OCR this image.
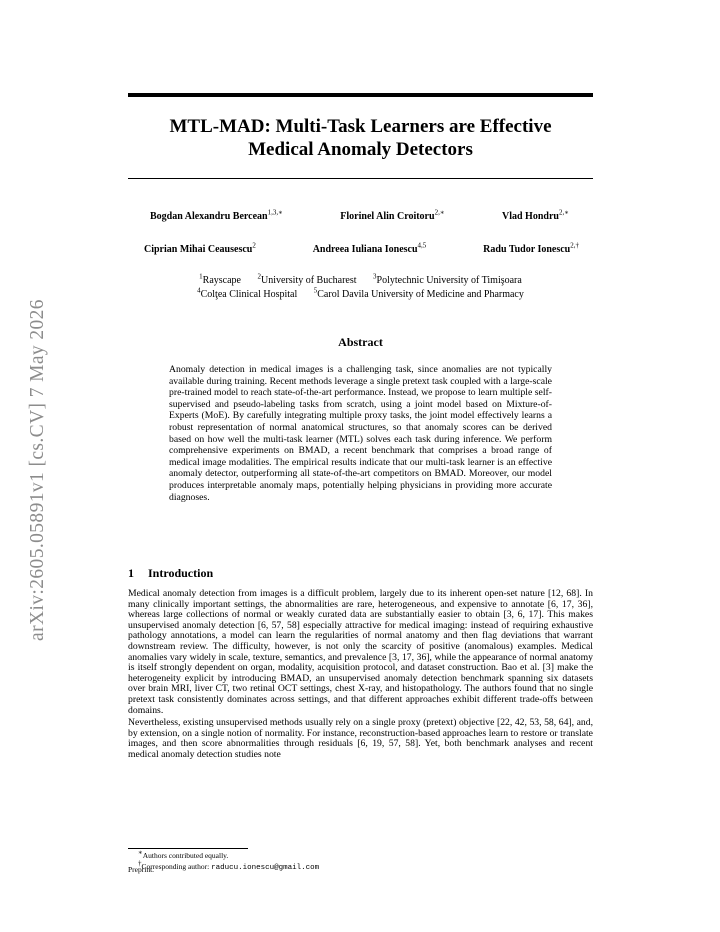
arXiv:2605.05891v1 [cs.CV] 7 May 2026
MTL-MAD: Multi-Task Learners are Effective
Medical Anomaly Detectors
Bogdan Alexandru Bercean$^{1,3,∗}$	Florinel Alin Croitoru$^{2,∗}$	Vlad Hondru$^{2,∗}$
Ciprian Mihai Ceausescu$^2$	Andreea Iuliana Ionescu$^{4,5}$	Radu Tudor Ionescu$^{2,\dagger}$
$^1$Rayscape $^2$University of Bucharest $^3$Polytechnic University of Timişoara
$^4$Colţea Clinical Hospital $^5$Carol Davila University of Medicine and Pharmacy
Abstract
Anomaly detection in medical images is a challenging task, since anomalies are not typically available during training. Recent methods leverage a single pretext task coupled with a large-scale pre-trained model to reach state-of-the-art performance. Instead, we propose to learn multiple self-supervised and pseudo-labeling tasks from scratch, using a joint model based on Mixture-of-Experts (MoE). By carefully integrating multiple proxy tasks, the joint model effectively learns a robust representation of normal anatomical structures, so that anomaly scores can be derived based on how well the multi-task learner (MTL) solves each task during inference. We perform comprehensive experiments on BMAD, a recent benchmark that comprises a broad range of medical image modalities. The empirical results indicate that our multi-task learner is an effective anomaly detector, outperforming all state-of-the-art competitors on BMAD. Moreover, our model produces interpretable anomaly maps, potentially helping physicians in providing more accurate diagnoses.
1 Introduction

Medical anomaly detection from images is a difficult problem, largely due to its inherent open-set nature [12, 68]. In many clinically important settings, the abnormalities are rare, heterogeneous, and expensive to annotate [6, 17, 36], whereas large collections of normal or weakly curated data are substantially easier to obtain [3, 6, 17]. This makes unsupervised anomaly detection [6, 57, 58] especially attractive for medical imaging: instead of requiring exhaustive pathology annotations, a model can learn the regularities of normal anatomy and then flag deviations that warrant downstream review. The difficulty, however, is not only the scarcity of positive (anomalous) examples. Medical anomalies vary widely in scale, texture, semantics, and prevalence [3, 17, 36], while the appearance of normal anatomy is itself strongly dependent on organ, modality, acquisition protocol, and dataset construction. Bao et al. [3] make the heterogeneity explicit by introducing BMAD, an unsupervised anomaly detection benchmark spanning six datasets over brain MRI, liver CT, two retinal OCT settings, chest X-ray, and histopathology. The authors found that no single pretext task consistently dominates across settings, and that different approaches exhibit different trade-offs between domains.

Nevertheless, existing unsupervised methods usually rely on a single proxy (pretext) objective [22, 42, 53, 58, 64], and, by extension, on a single notion of normality. For instance, reconstruction-based approaches learn to restore or translate images, and then score abnormalities through residuals [6, 19, 57, 58]. Yet, both benchmark analyses and recent medical anomaly detection studies note

∗Authors contributed equally.
†Corresponding author: raducu.ionescu@gmail.com
Preprint.
